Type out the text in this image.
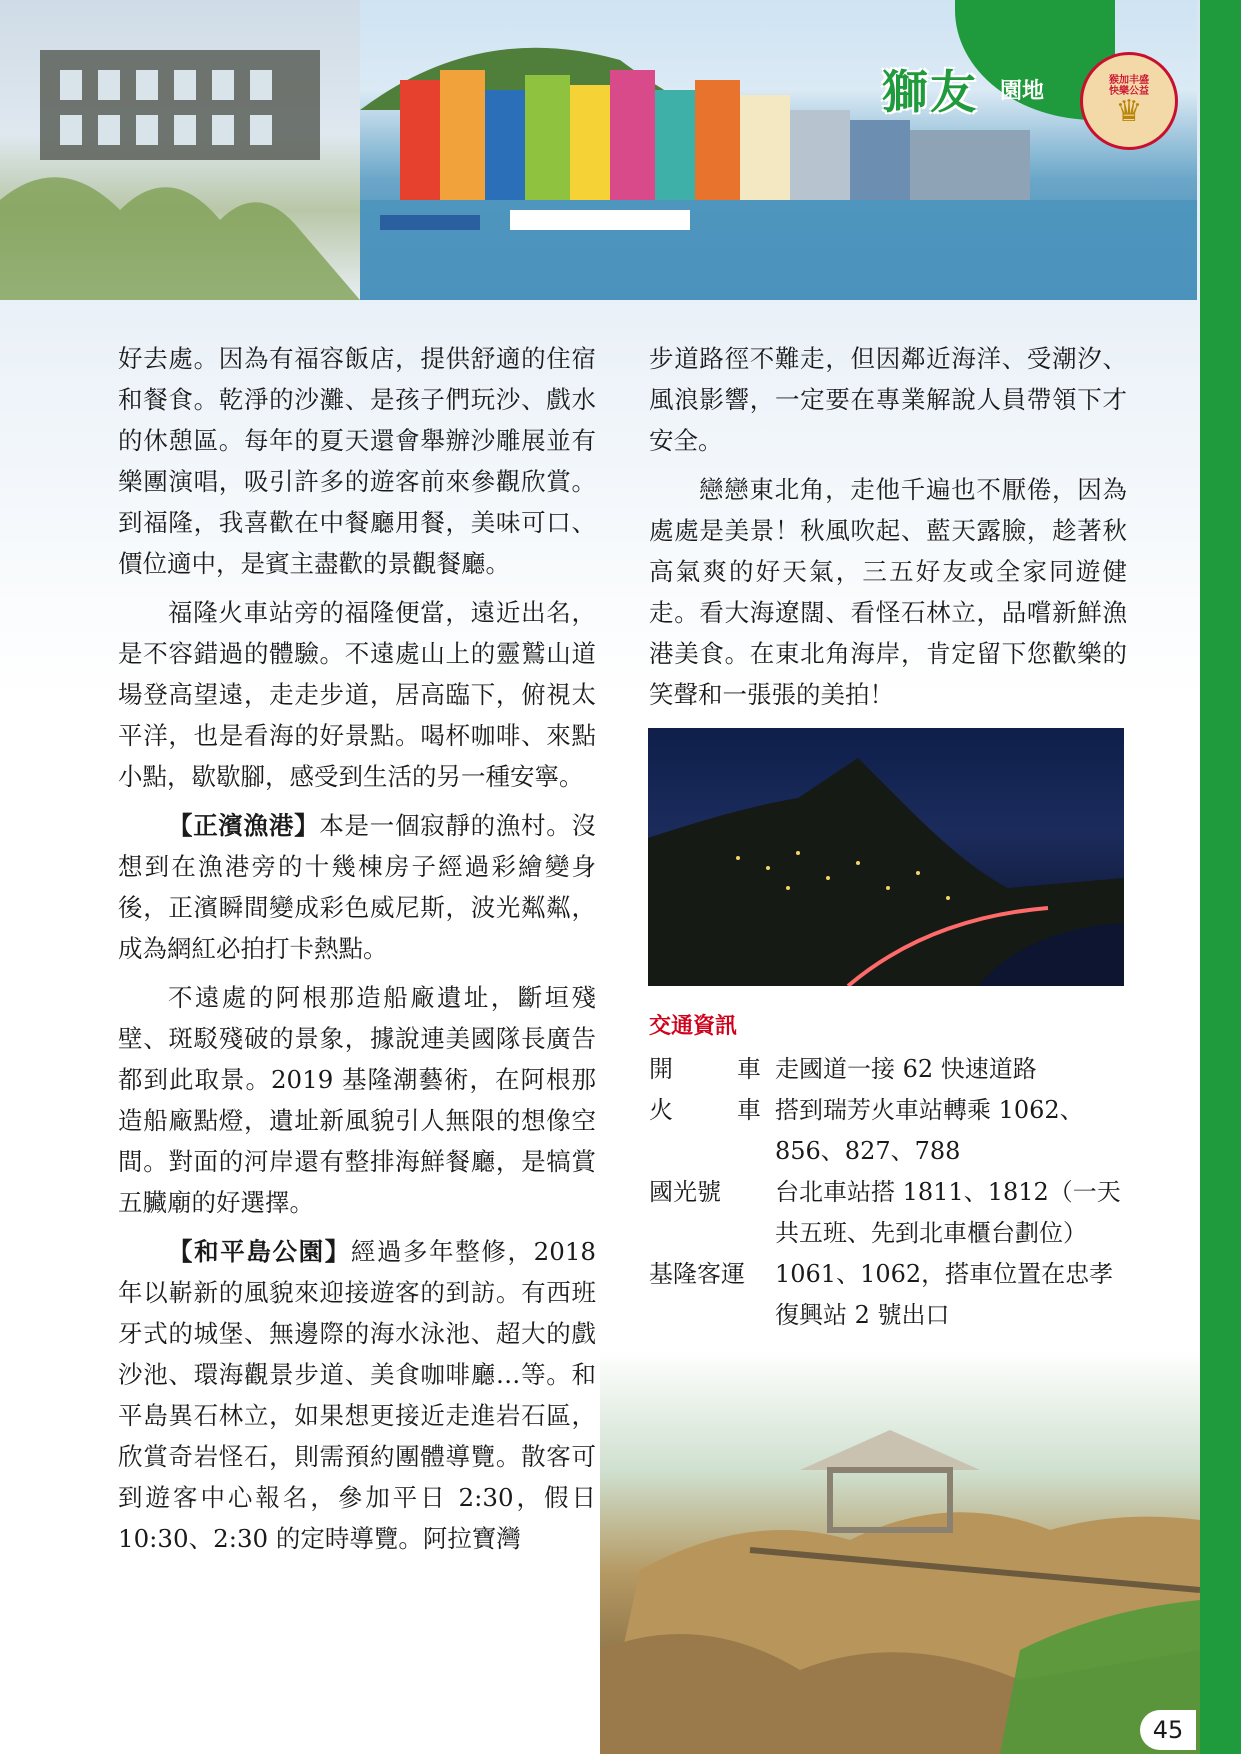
獅友 園地	猴加丰盛 快樂公益
♛

好去處。因為有福容飯店，提供舒適的住宿和餐食。乾淨的沙灘、是孩子們玩沙、戲水的休憩區。每年的夏天還會舉辦沙雕展並有樂團演唱，吸引許多的遊客前來參觀欣賞。到福隆，我喜歡在中餐廳用餐，美味可口、價位適中，是賓主盡歡的景觀餐廳。

福隆火車站旁的福隆便當，遠近出名，是不容錯過的體驗。不遠處山上的靈鷲山道場登高望遠，走走步道，居高臨下，俯視太平洋，也是看海的好景點。喝杯咖啡、來點小點，歇歇腳，感受到生活的另一種安寧。

【正濱漁港】本是一個寂靜的漁村。沒想到在漁港旁的十幾棟房子經過彩繪變身後，正濱瞬間變成彩色威尼斯，波光粼粼，成為網紅必拍打卡熱點。

不遠處的阿根那造船廠遺址，斷垣殘壁、斑駁殘破的景象，據說連美國隊長廣告都到此取景。2019 基隆潮藝術，在阿根那造船廠點燈，遺址新風貌引人無限的想像空間。對面的河岸還有整排海鮮餐廳，是犒賞五臟廟的好選擇。

【和平島公園】經過多年整修，2018 年以嶄新的風貌來迎接遊客的到訪。有西班牙式的城堡、無邊際的海水泳池、超大的戲沙池、環海觀景步道、美食咖啡廳…等。和平島異石林立，如果想更接近走進岩石區，欣賞奇岩怪石，則需預約團體導覽。散客可到遊客中心報名，參加平日 2:30，假日 10:30、2:30 的定時導覽。阿拉寶灣

步道路徑不難走，但因鄰近海洋、受潮汐、風浪影響，一定要在專業解說人員帶領下才安全。

戀戀東北角，走他千遍也不厭倦，因為處處是美景！秋風吹起、藍天露臉，趁著秋高氣爽的好天氣，三五好友或全家同遊健走。看大海遼闊、看怪石林立，品嚐新鮮漁港美食。在東北角海岸，肯定留下您歡樂的笑聲和一張張的美拍！

交通資訊
開	車 走國道一接 62 快速道路
火	車 搭到瑞芳火車站轉乘 1062、856、827、788
國光號	台北車站搭 1811、1812（一天共五班、先到北車櫃台劃位）
基隆客運	1061、1062，搭車位置在忠孝復興站 2 號出口
45
